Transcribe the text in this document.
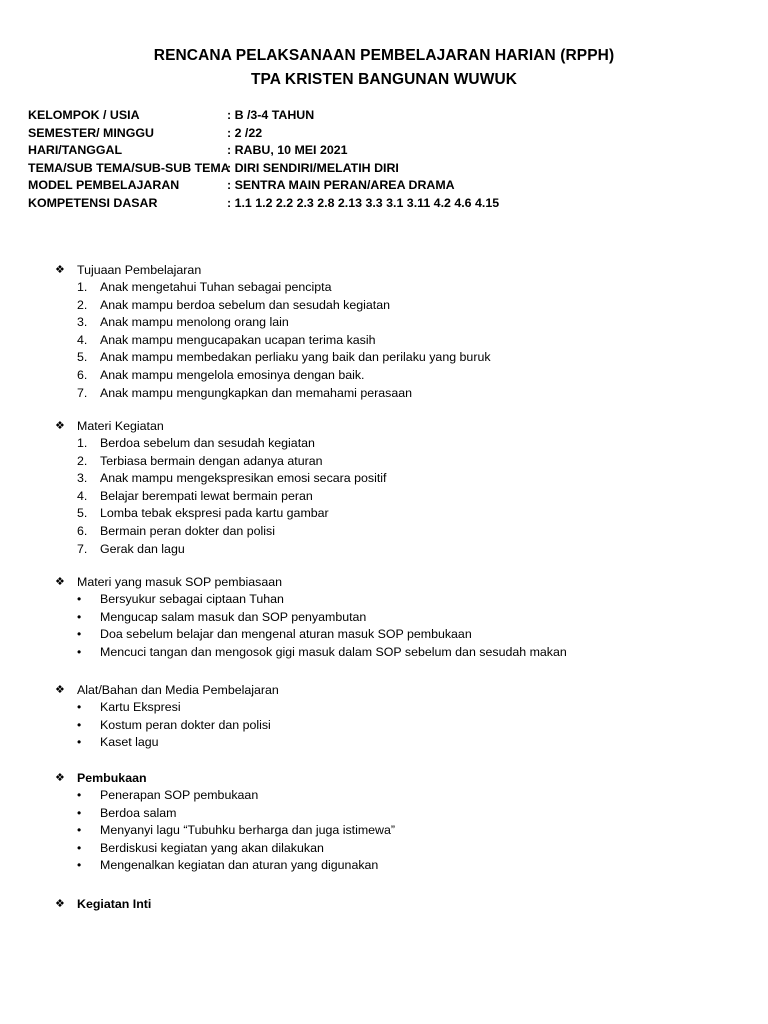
RENCANA PELAKSANAAN PEMBELAJARAN HARIAN (RPPH)
TPA KRISTEN BANGUNAN WUWUK
KELOMPOK / USIA	: B /3-4 TAHUN
SEMESTER/ MINGGU	: 2 /22
HARI/TANGGAL	: RABU, 10 MEI 2021
TEMA/SUB TEMA/SUB-SUB TEMA
: DIRI SENDIRI/MELATIH DIRI
MODEL PEMBELAJARAN	: SENTRA MAIN PERAN/AREA DRAMA
KOMPETENSI DASAR	: 1.1 1.2 2.2 2.3 2.8 2.13 3.3 3.1 3.11 4.2 4.6 4.15
❖ Tujuaan Pembelajaran
1.	Anak mengetahui Tuhan sebagai pencipta
2.	Anak mampu berdoa sebelum dan sesudah kegiatan
3.	Anak mampu menolong orang lain
4.	Anak mampu mengucapakan ucapan terima kasih
5.	Anak mampu membedakan perliaku yang baik dan perilaku yang buruk
6.	Anak mampu mengelola emosinya dengan baik.
7.	Anak mampu mengungkapkan dan memahami perasaan
❖ Materi Kegiatan
1.	Berdoa sebelum dan sesudah kegiatan
2.	Terbiasa bermain dengan adanya aturan
3.	Anak mampu mengekspresikan emosi secara positif
4.	Belajar berempati lewat bermain peran
5.	Lomba tebak ekspresi pada kartu gambar
6.	Bermain peran dokter dan polisi
7.	Gerak dan lagu
❖ Materi yang masuk SOP pembiasaan
•	Bersyukur sebagai ciptaan Tuhan
•	Mengucap salam masuk dan SOP penyambutan
•	Doa sebelum belajar dan mengenal aturan masuk SOP pembukaan
•	Mencuci tangan dan mengosok gigi masuk dalam SOP sebelum dan sesudah makan
❖ Alat/Bahan dan Media Pembelajaran
•	Kartu Ekspresi
•	Kostum peran dokter dan polisi
•	Kaset lagu
❖ Pembukaan
•	Penerapan SOP pembukaan
•	Berdoa salam
•	Menyanyi lagu “Tubuhku berharga dan juga istimewa”
•	Berdiskusi kegiatan yang akan dilakukan
•	Mengenalkan kegiatan dan aturan yang digunakan
❖ Kegiatan Inti
